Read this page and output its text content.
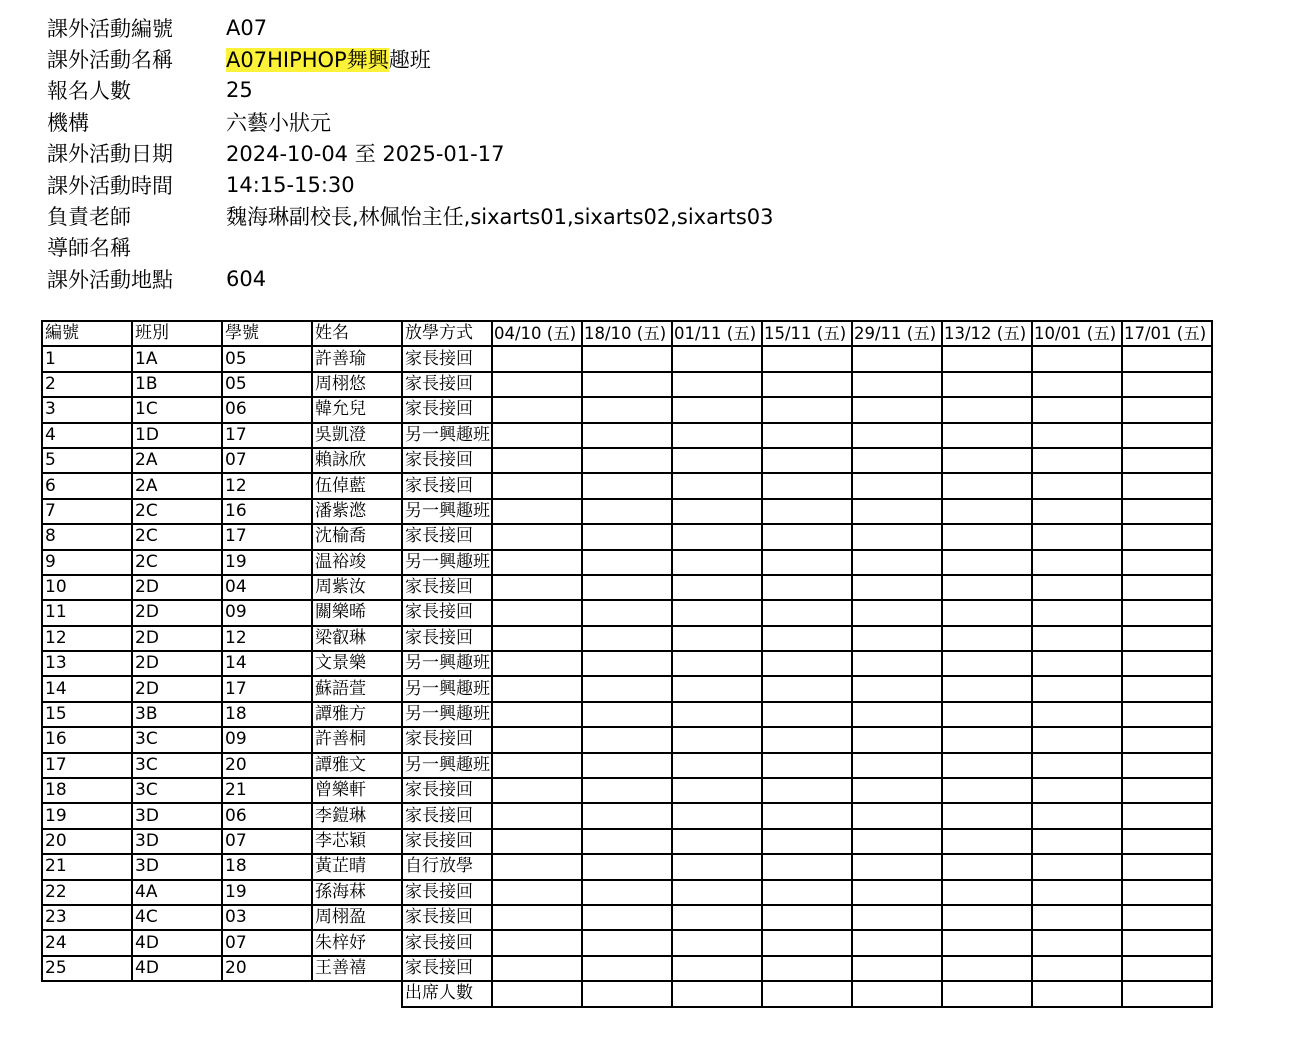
課外活動編號	A07
課外活動名稱	A07HIPHOP舞興趣班
報名人數	25
機構	六藝小狀元
課外活動日期	2024-10-04 至 2025-01-17
課外活動時間	14:15-15:30
負責老師	魏海琳副校長,林佩怡主任,sixarts01,sixarts02,sixarts03
導師名稱
課外活動地點	604
編號	班別	學號	姓名	放學方式	04/10 (五)	18/10 (五)	01/11 (五)	15/11 (五)	29/11 (五)	13/12 (五)	10/01 (五)	17/01 (五)
1	1A	05	許善瑜	家長接回								
2	1B	05	周栩悠	家長接回								
3	1C	06	韓允兒	家長接回								
4	1D	17	吳凱澄	另一興趣班								
5	2A	07	賴詠欣	家長接回								
6	2A	12	伍倬藍	家長接回								
7	2C	16	潘紫滺	另一興趣班								
8	2C	17	沈榆喬	家長接回								
9	2C	19	温裕竣	另一興趣班								
10	2D	04	周紫汝	家長接回								
11	2D	09	關樂晞	家長接回								
12	2D	12	梁叡琳	家長接回								
13	2D	14	文景樂	另一興趣班								
14	2D	17	蘇語萱	另一興趣班								
15	3B	18	譚雅方	另一興趣班								
16	3C	09	許善桐	家長接回								
17	3C	20	譚雅文	另一興趣班								
18	3C	21	曾樂軒	家長接回								
19	3D	06	李鎧琳	家長接回								
20	3D	07	李芯穎	家長接回								
21	3D	18	黃芷晴	自行放學								
22	4A	19	孫海菻	家長接回								
23	4C	03	周栩盈	家長接回								
24	4D	07	朱梓妤	家長接回								
25	4D	20	王善禧	家長接回								
				出席人數								
